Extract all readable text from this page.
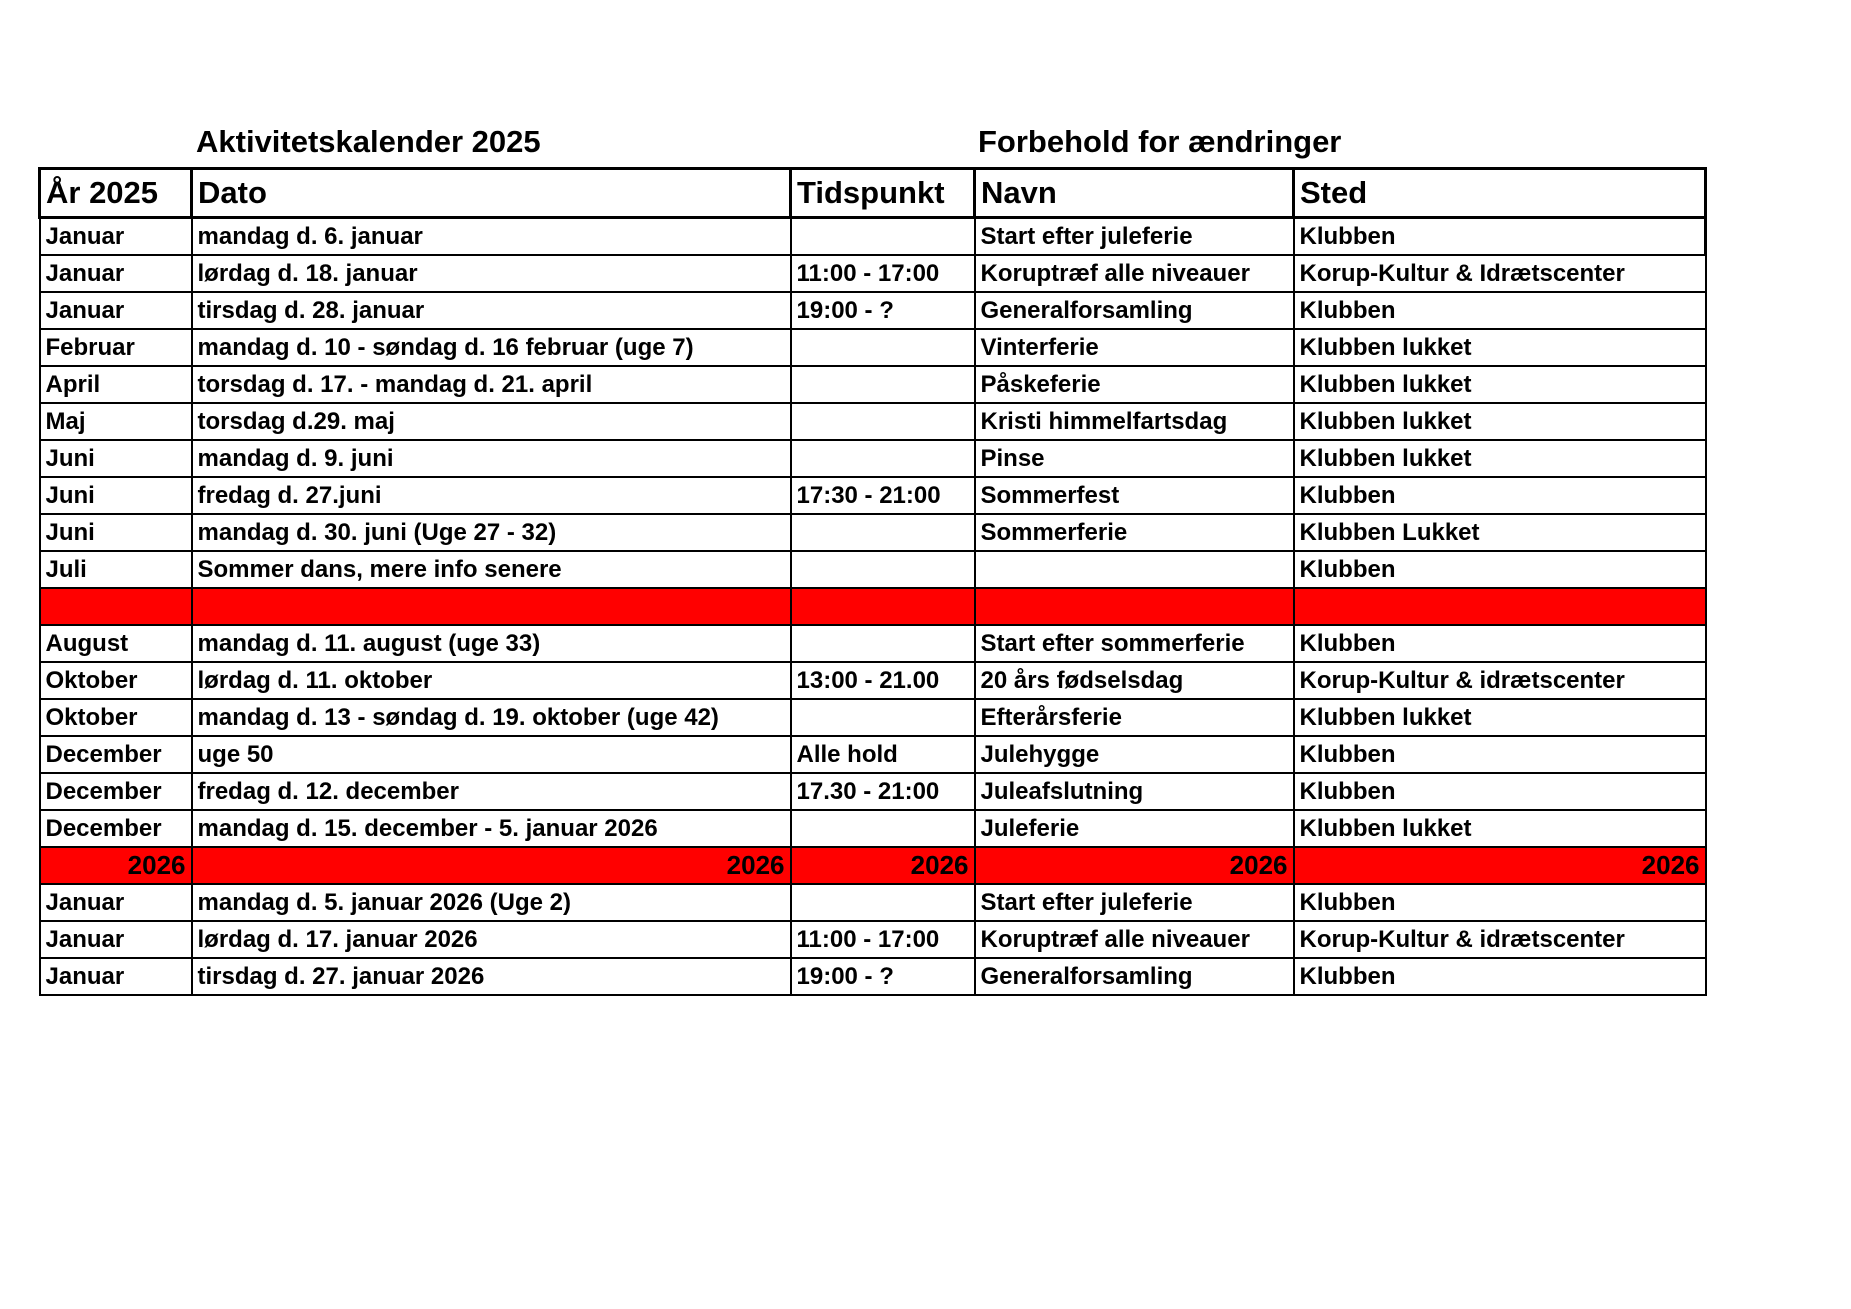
Aktivitetskalender 2025	Forbehold for ændringer
År 2025	Dato	Tidspunkt	Navn	Sted
Januar	mandag d. 6. januar		Start efter juleferie	Klubben
Januar	lørdag d. 18. januar	11:00 - 17:00	Koruptræf alle niveauer	Korup-Kultur & Idrætscenter
Januar	tirsdag d. 28. januar	19:00 - ?	Generalforsamling	Klubben
Februar	mandag d. 10 - søndag d. 16 februar (uge 7)		Vinterferie	Klubben lukket
April	torsdag d. 17. - mandag d. 21. april		Påskeferie	Klubben lukket
Maj	torsdag d.29. maj		Kristi himmelfartsdag	Klubben lukket
Juni	mandag d. 9. juni		Pinse	Klubben lukket
Juni	fredag d. 27.juni	17:30 - 21:00	Sommerfest	Klubben
Juni	mandag d. 30. juni (Uge 27 - 32)		Sommerferie	Klubben Lukket
Juli	Sommer dans, mere info senere			Klubben

August	mandag d. 11. august (uge 33)		Start efter sommerferie	Klubben
Oktober	lørdag d. 11. oktober	13:00 - 21.00	20 års fødselsdag	Korup-Kultur & idrætscenter
Oktober	mandag d. 13 - søndag d. 19. oktober (uge 42)		Efterårsferie	Klubben lukket
December	uge 50	Alle hold	Julehygge	Klubben
December	fredag d. 12. december	17.30 - 21:00	Juleafslutning	Klubben
December	mandag d. 15. december - 5. januar 2026		Juleferie	Klubben lukket
2026	2026	2026	2026	2026
Januar	mandag d. 5. januar 2026 (Uge 2)		Start efter juleferie	Klubben
Januar	lørdag d. 17. januar 2026	11:00 - 17:00	Koruptræf alle niveauer	Korup-Kultur & idrætscenter
Januar	tirsdag d. 27. januar 2026	19:00 - ?	Generalforsamling	Klubben
